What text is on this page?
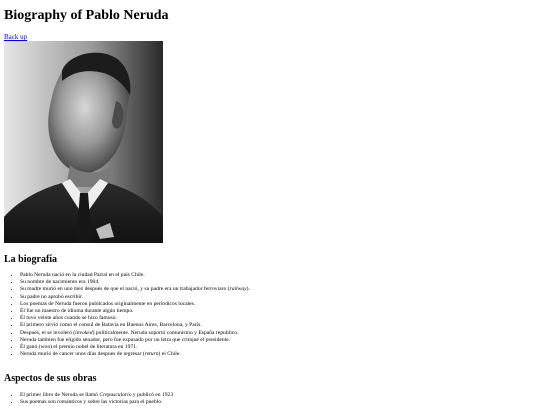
Biography of Pablo Neruda
Back up
La biografía
• Pablo Neruda nació en la ciudad Parral en el país Chile.
• Su nombre de nacimiento era 1904.
• Su madre murió en uno mez después de que el nació, y su padre era un trabajador ferroviaro (railway).
• Su padre no aprobó escribir.
• Los poemas de Neruda fueron publicados originalmente en periodicos locales.
• Él fue un maestro de idioma durante algún tiempo.
• Él tuvo veinte años cuando se hizo famoso.
• El primero sirvió como el consul de Batavia en Buenos Aires, Barcelona, y Paris.
• Después, el se involeró (invoked) politicalmente. Neruda soportó comunismo y España republico.
• Neruda tambien fue eligido senador, pero fue expusado por un letra que critiqué el presidente.
• Él ganó (won) el premio nobel de literatura en 1971.
• Neruda murió de cancer unos días despues de regresar (return) el Chile.
Aspectos de sus obras
• El primer libro de Neruda se llamó Crepusculario y publicó en 1923
• Sus poemas son románticos y sobre las victorias para el pueblo.
